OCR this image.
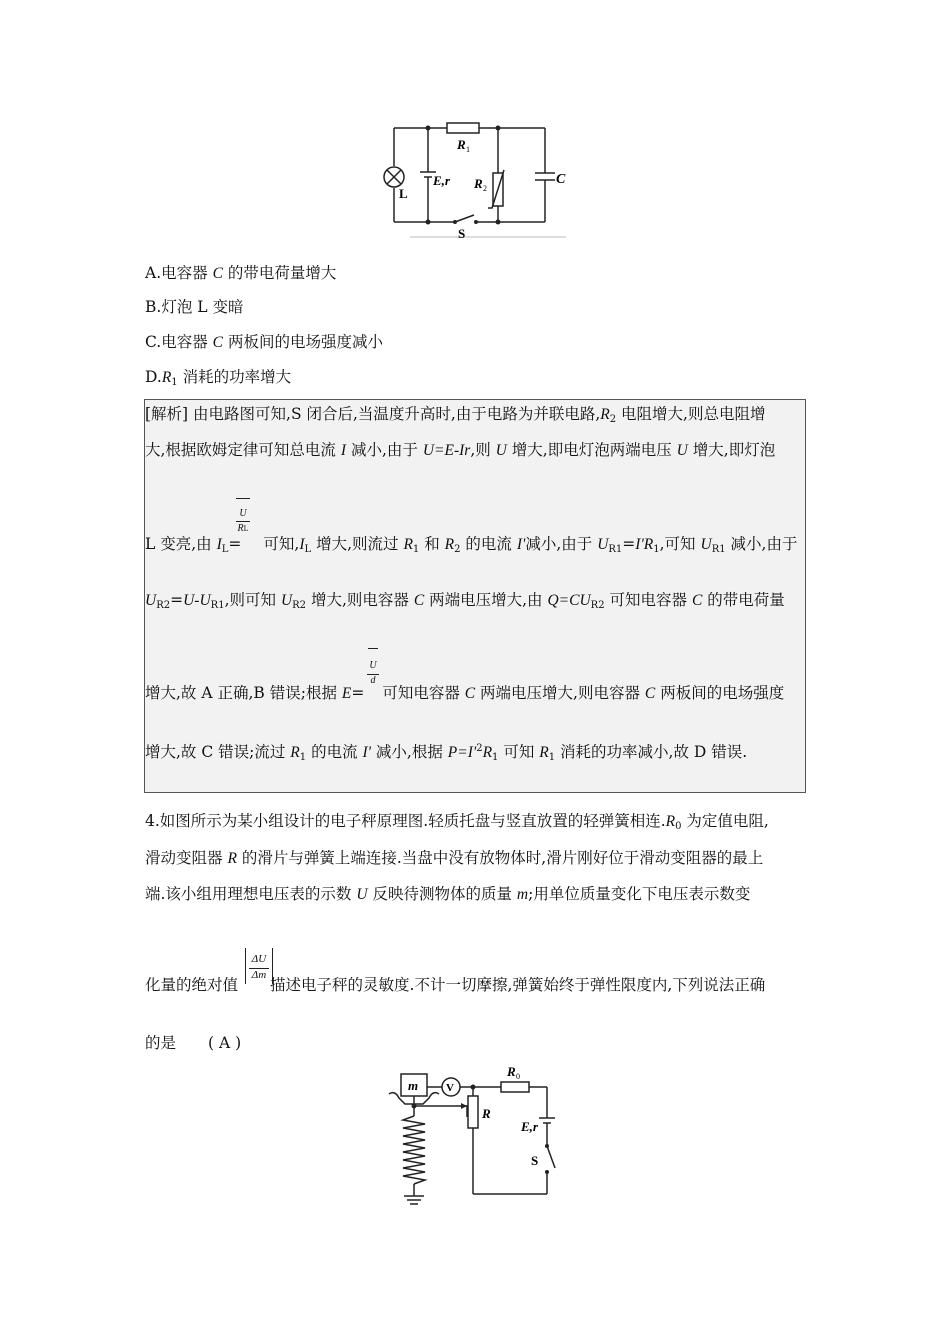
R 1
E,r R 2
C
L
S
A.电容器 C 的带电荷量增大
B.灯泡 L 变暗
C.电容器 C 两板间的电场强度减小
$D.R_1$ 消耗的功率增大
[解析] 由电路图可知,S 闭合后,当温度升高时,由于电路为并联电路$,R_2$ 电阻增大,则总电阻增
大,根据欧姆定律可知总电流 I 减小,由于 U=E-Ir,则 U 增大,即电灯泡两端电压 U 增大,即灯泡
U
RL
L 变亮,由 $I_L=$ 可知$,I_L$ 增大,则流过 $R_1$ 和 $R_2$ 的电流 I'减小,由于 $U_{R1}=I'R_1$,可知 $U_{R1}$ 减小,由于
$U_{R2}=U-U_{R1}$,则可知 $U_{R2}$ 增大,则电容器 C 两端电压增大,由 $Q=CU_{R2}$ 可知电容器 C 的带电荷量
U
d
增大,故 A 正确,B 错误;根据 E= 可知电容器 C 两端电压增大,则电容器 C 两板间的电场强度
增大,故 C 错误;流过 $R_1$ 的电流 I' 减小,根据 $P=I'^2R_1$ 可知 $R_1$ 消耗的功率减小,故 D 错误.
4.如图所示为某小组设计的电子秤原理图.轻质托盘与竖直放置的轻弹簧相连$.R_0$ 为定值电阻,
滑动变阻器 R 的滑片与弹簧上端连接.当盘中没有放物体时,滑片刚好位于滑动变阻器的最上
端.该小组用理想电压表的示数 U 反映待测物体的质量 m;用单位质量变化下电压表示数变
ΔU
Δm
化量的绝对值 描述电子秤的灵敏度.不计一切摩擦,弹簧始终于弹性限度内,下列说法正确
的是 ( A )
m	V
R 0
R
E,r
S
